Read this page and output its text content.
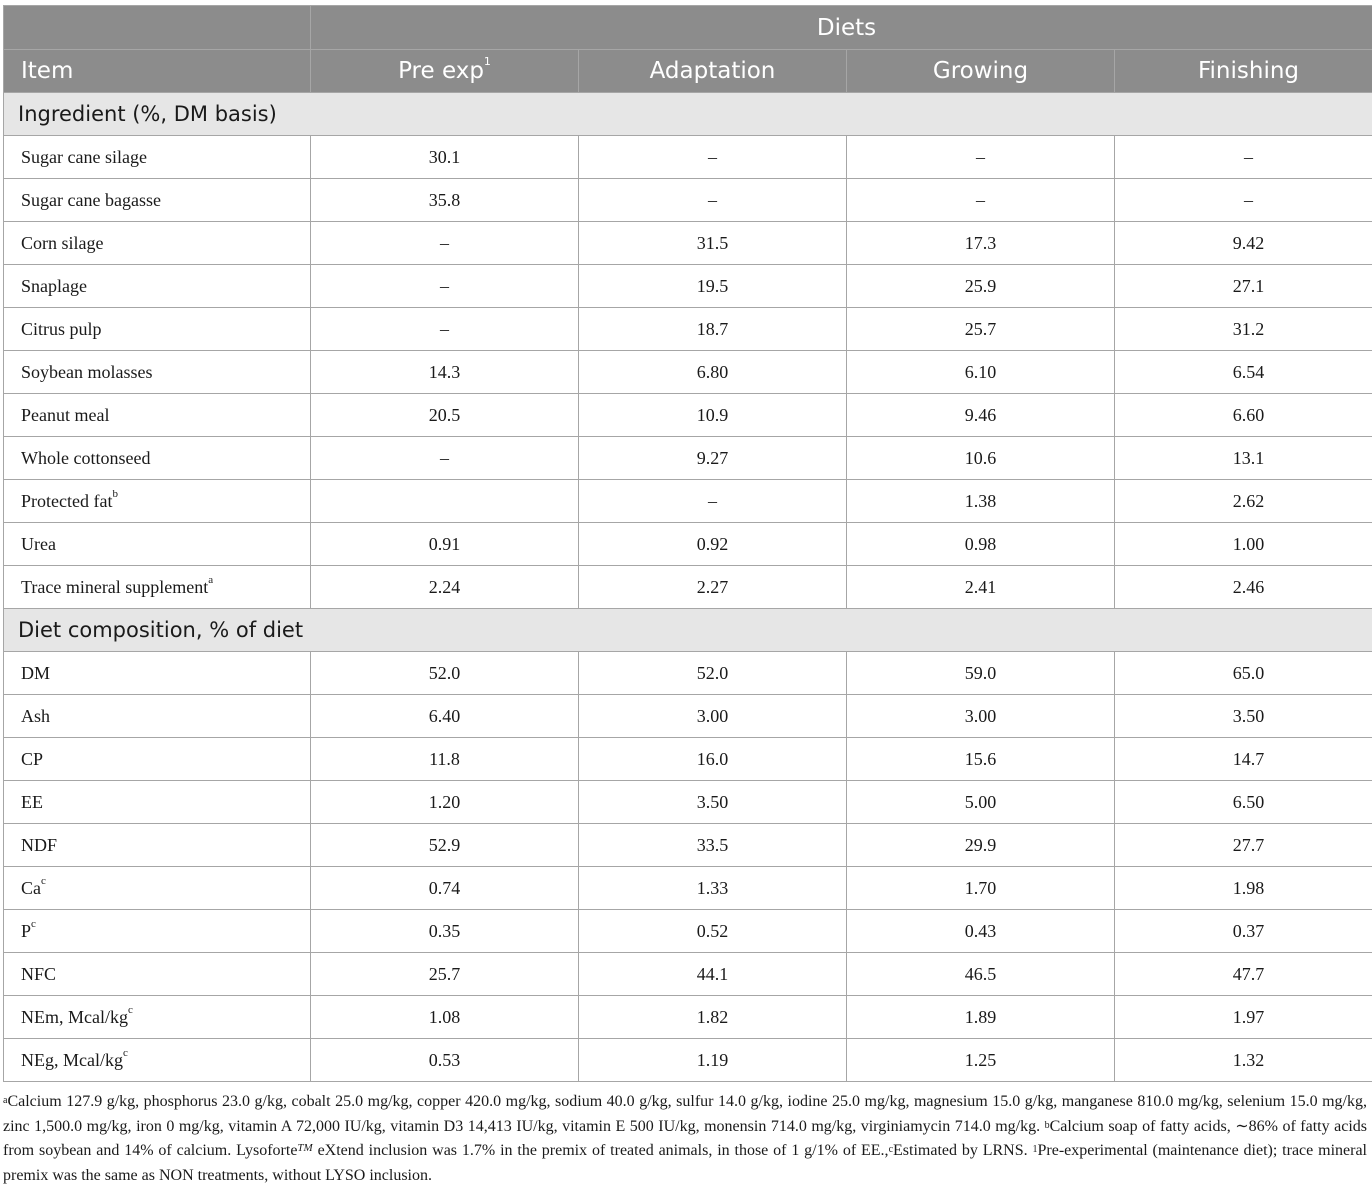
	Diets			
Item	Pre $\exp^1$	Adaptation	Growing	Finishing
Ingredient (%, DM basis)				
Sugar cane silage	30.1	–	–	–
Sugar cane bagasse	35.8	–	–	–
Corn silage	–	31.5	17.3	9.42
Snaplage	–	19.5	25.9	27.1
Citrus pulp	–	18.7	25.7	31.2
Soybean molasses	14.3	6.80	6.10	6.54
Peanut meal	20.5	10.9	9.46	6.60
Whole cottonseed	–	9.27	10.6	13.1
Protected fat$^b$		–	1.38	2.62
Urea	0.91	0.92	0.98	1.00
Trace mineral supplement$^a$	2.24	2.27	2.41	2.46
Diet composition, % of diet				
DM	52.0	52.0	59.0	65.0
Ash	6.40	3.00	3.00	3.50
CP	11.8	16.0	15.6	14.7
EE	1.20	3.50	5.00	6.50
NDF	52.9	33.5	29.9	27.7
Ca$^c$	0.74	1.33	1.70	1.98
$P^c$	0.35	0.52	0.43	0.37
NFC	25.7	44.1	46.5	47.7
NEm, Mcal/$kg^c$	1.08	1.82	1.89	1.97
NEg, Mcal/$kg^c$	0.53	1.19	1.25	1.32
$^a$Calcium 127.9 g/kg, phosphorus 23.0 g/kg, cobalt 25.0 mg/kg, copper 420.0 mg/kg, sodium 40.0 g/kg, sulfur 14.0 g/kg, iodine 25.0 mg/kg, magnesium 15.0 g/kg, manganese 810.0 mg/kg, selenium 15.0 mg/kg, zinc 1,500.0 mg/kg, iron 0 mg/kg, vitamin A 72,000 IU/kg, vitamin D3 14,413 IU/kg, vitamin E 500 IU/kg, monensin 714.0 mg/kg, virginiamycin 714.0 mg/kg. $^b$Calcium soap of fatty acids, ∼86% of fatty acids from soybean and 14% of calcium. Lysoforte™ eXtend inclusion was 1.7% in the premix of treated animals, in those of 1 g/1% of EE.,$^c$Estimated by LRNS. $^1$Pre-experimental (maintenance diet); trace mineral premix was the same as NON treatments, without LYSO inclusion.
